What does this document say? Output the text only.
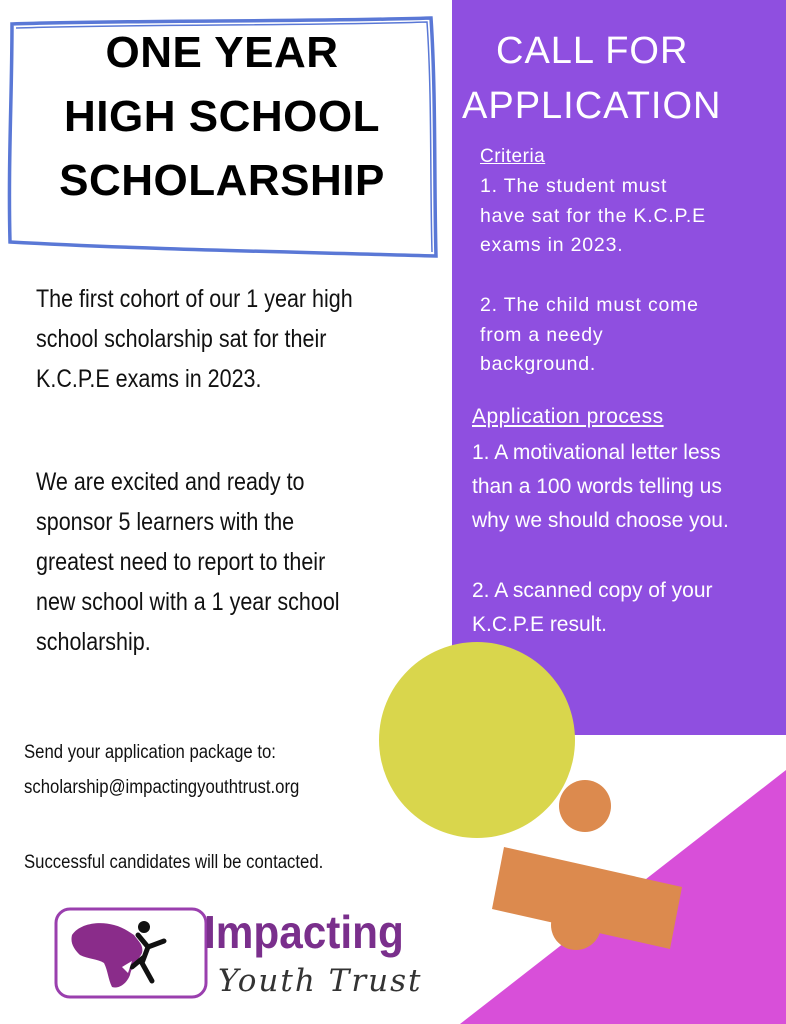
ONE YEAR
HIGH SCHOOL
SCHOLARSHIP
CALL FOR
APPLICATION
Criteria
1. The student must
have sat for the K.C.P.E
exams in 2023.
2. The child must come
from a needy
background.
Application process
1. A motivational letter less
than a 100 words telling us
why we should choose you.
2. A scanned copy of your
K.C.P.E result.
The first cohort of our 1 year high
school scholarship sat for their
K.C.P.E exams in 2023.
We are excited and ready to
sponsor 5 learners with the
greatest need to report to their
new school with a 1 year school
scholarship.
Send your application package to:
scholarship@impactingyouthtrust.org
Successful candidates will be contacted.
Impacting
Youth Trust
